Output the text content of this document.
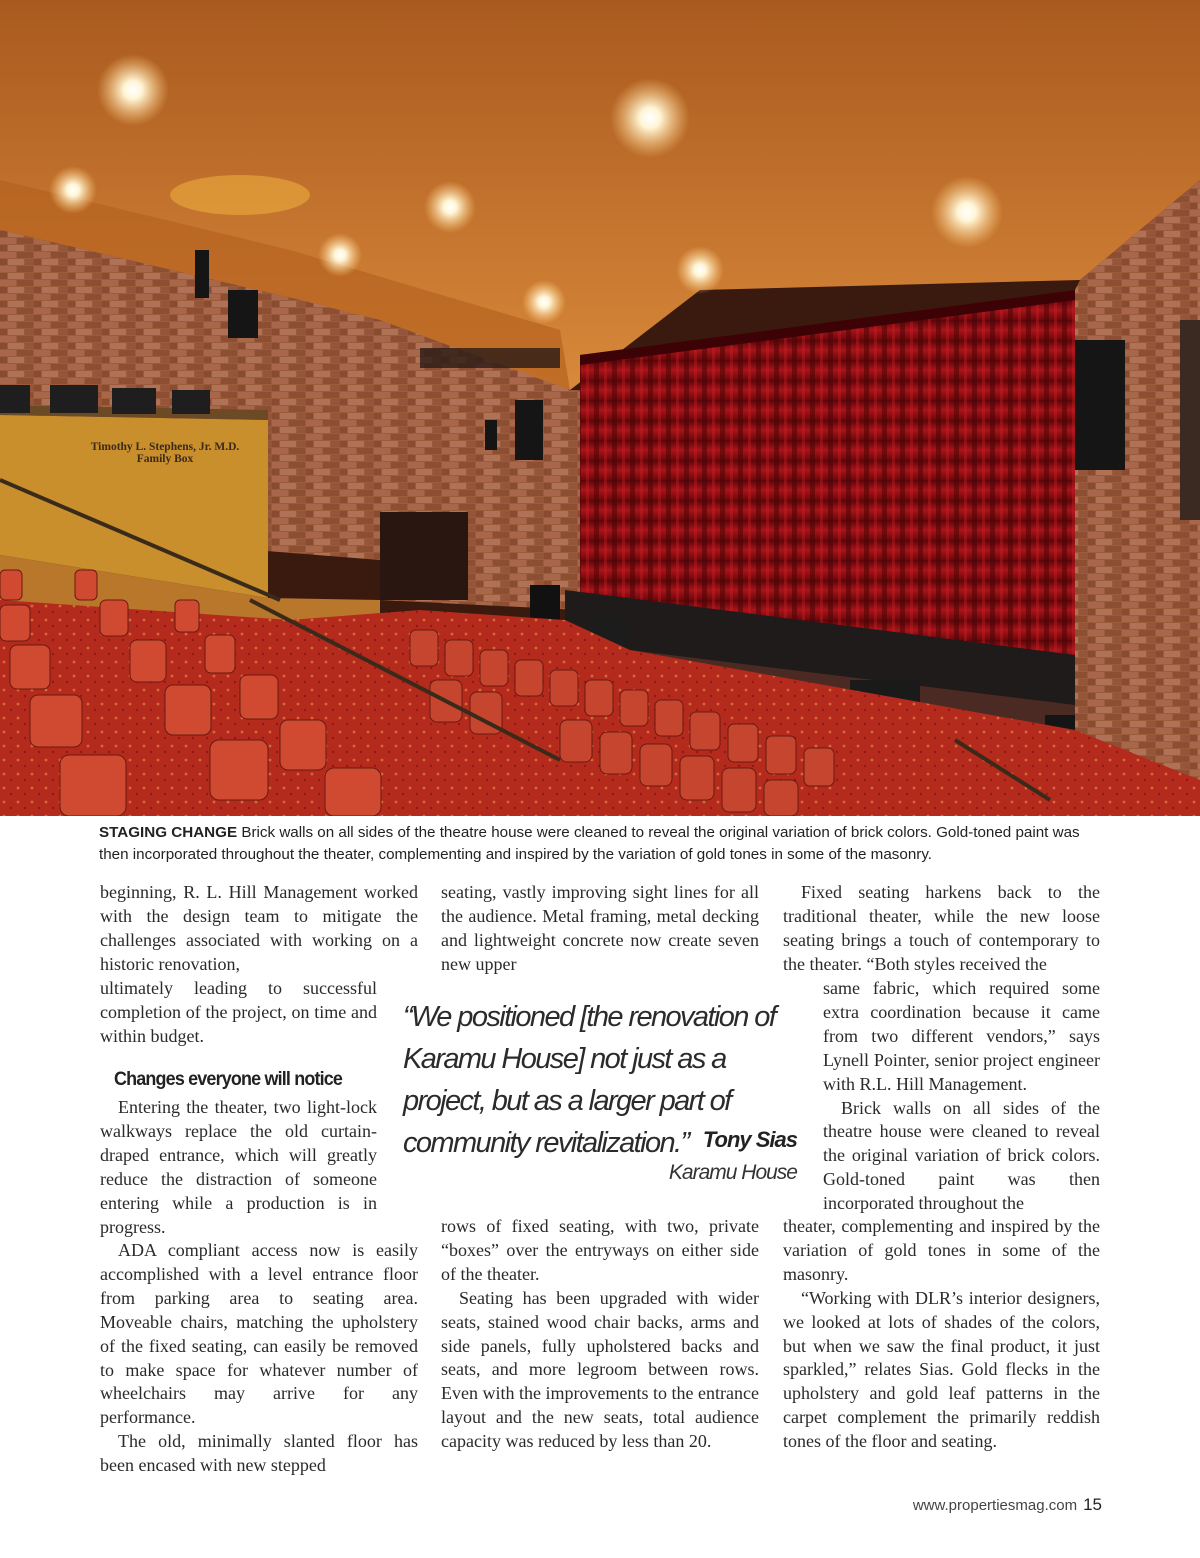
Timothy L. Stephens, Jr. M.D.
Family Box
STAGING CHANGE Brick walls on all sides of the theatre house were cleaned to reveal the original variation of brick colors. Gold-toned paint was then incorporated throughout the theater, complementing and inspired by the variation of gold tones in some of the masonry.

beginning, R. L. Hill Management worked with the design team to mitigate the challenges associated with working on a historic renovation,

ultimately leading to successful completion of the project, on time and within budget.

Changes everyone will notice

Entering the theater, two light-lock walkways replace the old curtain-draped entrance, which will greatly reduce the distraction of someone entering while a production is in progress.

ADA compliant access now is easily accomplished with a level entrance floor from parking area to seating area. Moveable chairs, matching the upholstery of the fixed seating, can easily be removed to make space for whatever number of wheelchairs may arrive for any performance.

The old, minimally slanted floor has been encased with new stepped

seating, vastly improving sight lines for all the audience. Metal framing, metal decking and lightweight concrete now create seven new upper

“We positioned [the renovation of Karamu House] not just as a project, but as a larger part of community revitalization.” Tony Sias
Karamu House

rows of fixed seating, with two, private “boxes” over the entryways on either side of the theater.

Seating has been upgraded with wider seats, stained wood chair backs, arms and side panels, fully upholstered backs and seats, and more legroom between rows. Even with the improvements to the entrance layout and the new seats, total audience capacity was reduced by less than 20.

Fixed seating harkens back to the traditional theater, while the new loose seating brings a touch of contemporary to the theater. “Both styles received the

same fabric, which required some extra coordination because it came from two different vendors,” says Lynell Pointer, senior project engineer with R.L. Hill Management.

Brick walls on all sides of the theatre house were cleaned to reveal the original variation of brick colors. Gold-toned paint was then incorporated throughout the

theater, complementing and inspired by the variation of gold tones in some of the masonry.

“Working with DLR’s interior designers, we looked at lots of shades of the colors, but when we saw the final product, it just sparkled,” relates Sias. Gold flecks in the upholstery and gold leaf patterns in the carpet complement the primarily reddish tones of the floor and seating.

www.propertiesmag.com 15
